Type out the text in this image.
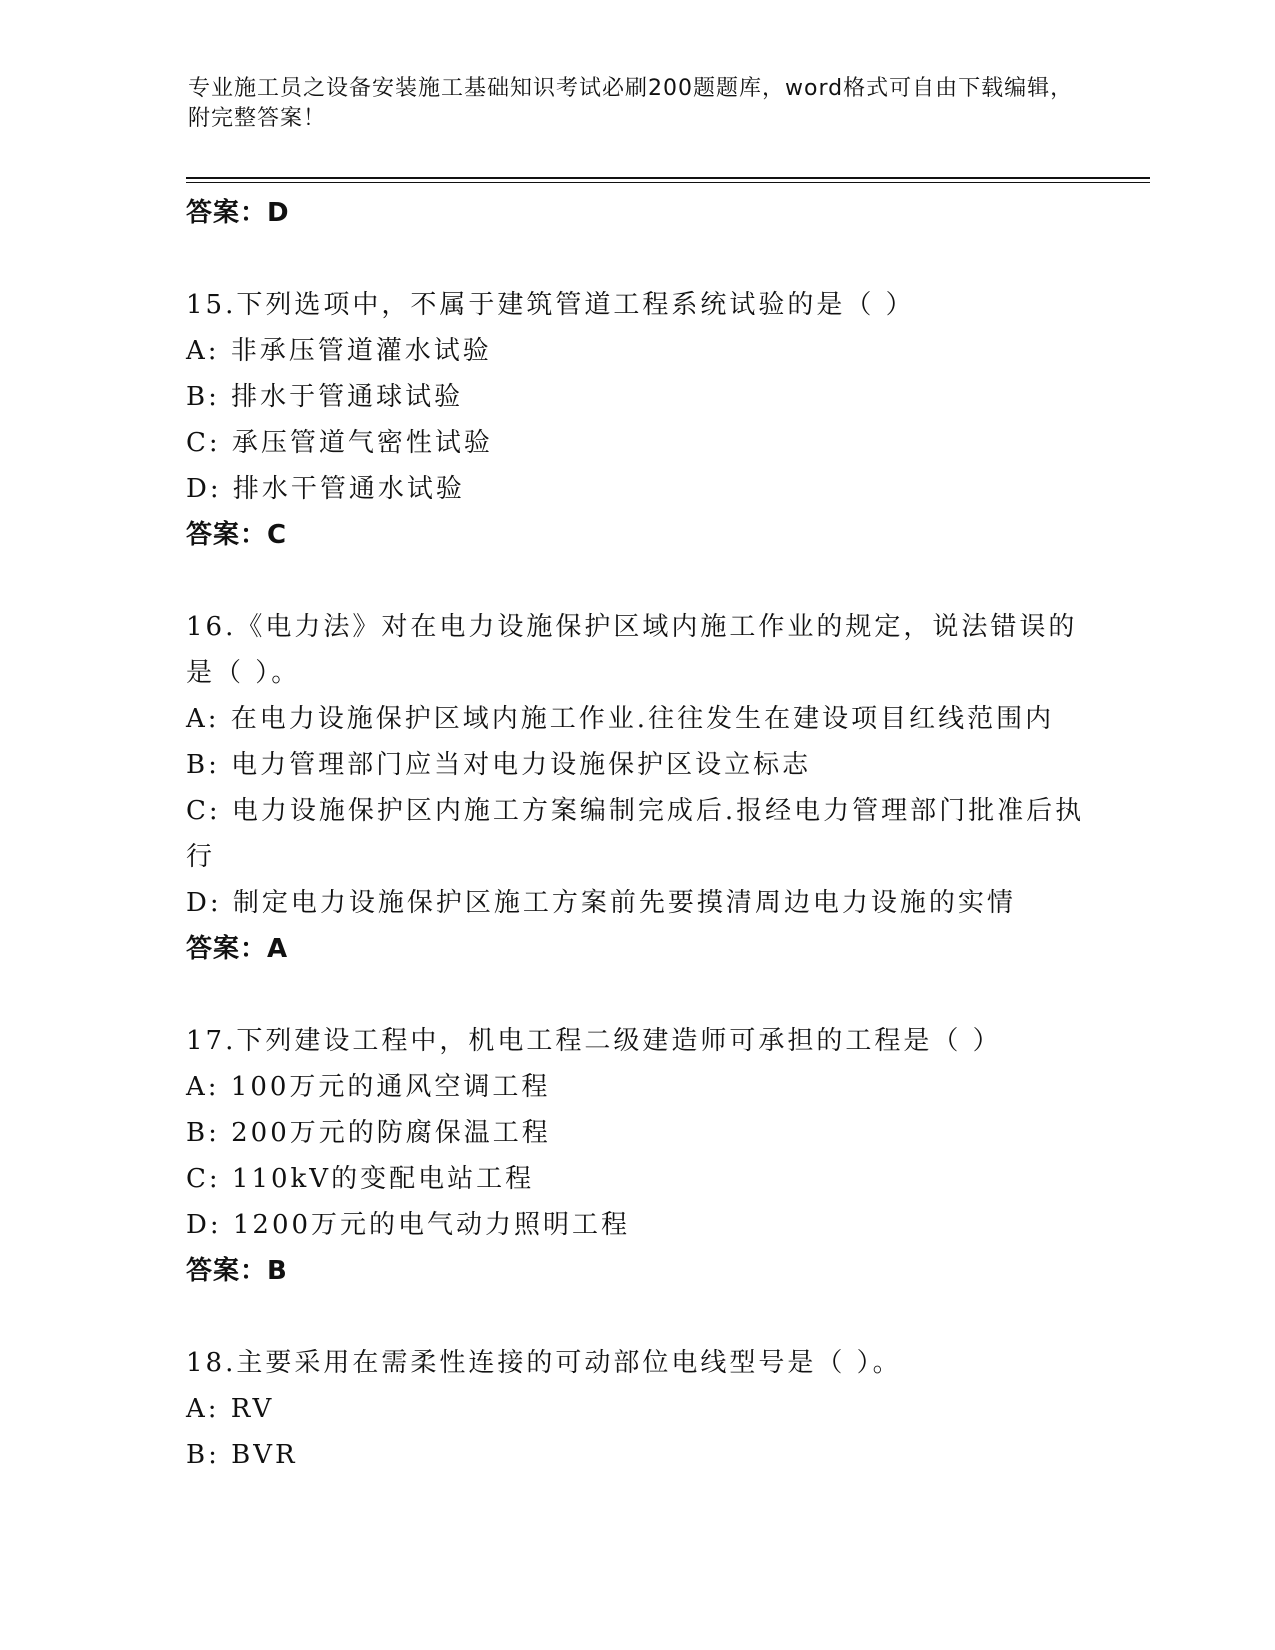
专业施工员之设备安装施工基础知识考试必刷200题题库，word格式可自由下载编辑，附完整答案！
答案：D
15.下列选项中，不属于建筑管道工程系统试验的是（ ）
A: 非承压管道灌水试验
B: 排水于管通球试验
C: 承压管道气密性试验
D: 排水干管通水试验
答案：C
16.《电力法》对在电力设施保护区域内施工作业的规定，说法错误的是（ ）。
A: 在电力设施保护区域内施工作业.往往发生在建设项目红线范围内
B: 电力管理部门应当对电力设施保护区设立标志
C: 电力设施保护区内施工方案编制完成后.报经电力管理部门批准后执行
D: 制定电力设施保护区施工方案前先要摸清周边电力设施的实情
答案：A
17.下列建设工程中，机电工程二级建造师可承担的工程是（ ）
A: 100万元的通风空调工程
B: 200万元的防腐保温工程
C: 110kV的变配电站工程
D: 1200万元的电气动力照明工程
答案：B
18.主要采用在需柔性连接的可动部位电线型号是（ ）。
A: RV
B: BVR
